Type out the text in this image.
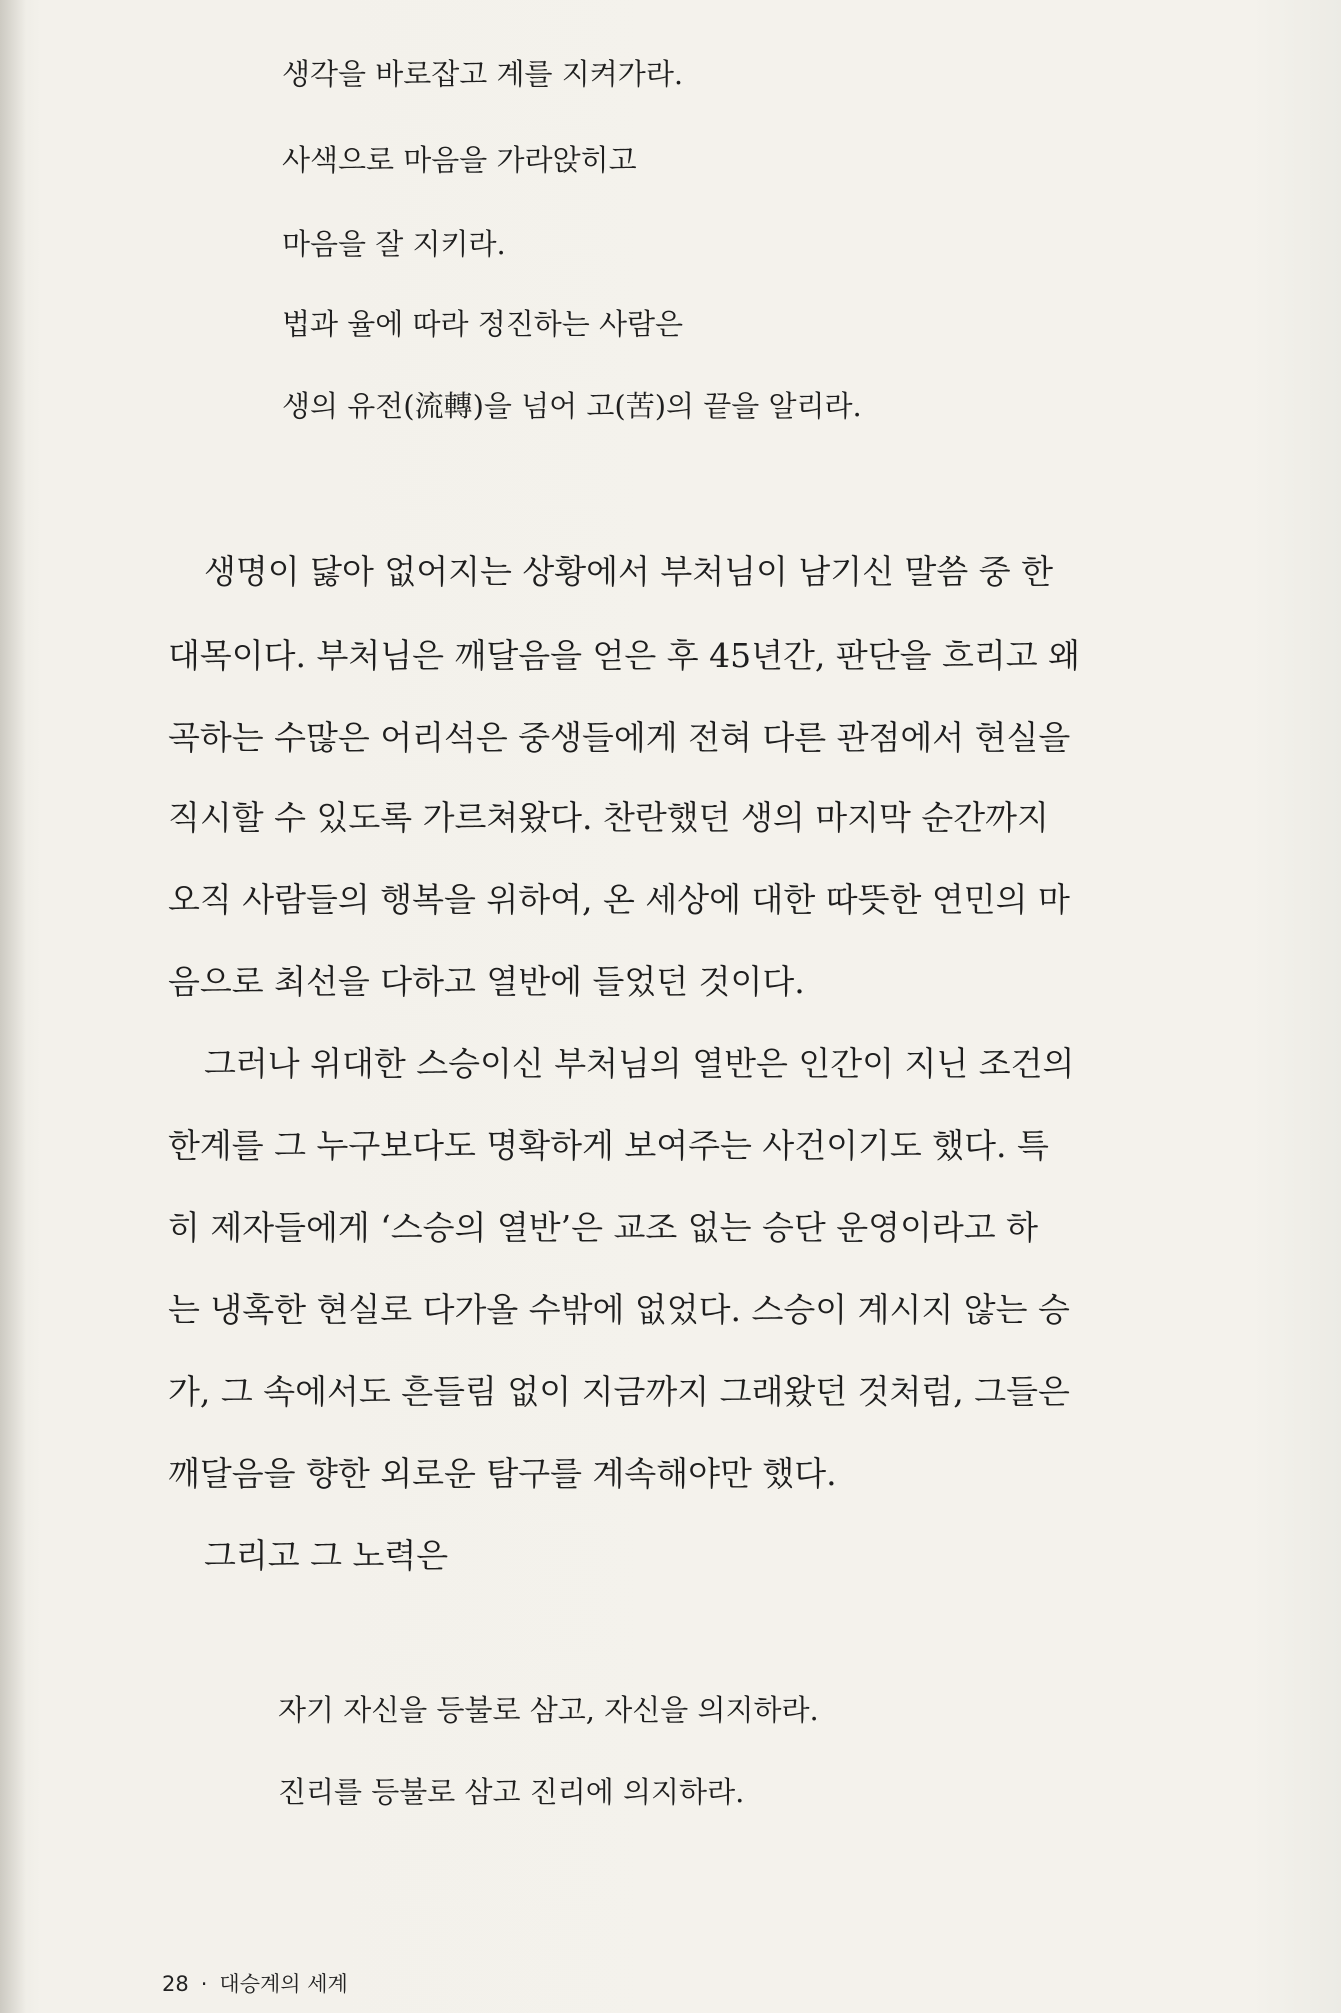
생각을 바로잡고 계를 지켜가라.

사색으로 마음을 가라앉히고

마음을 잘 지키라.

법과 율에 따라 정진하는 사람은

생의 유전(流轉)을 넘어 고(苦)의 끝을 알리라.

생명이 닳아 없어지는 상황에서 부처님이 남기신 말씀 중 한

대목이다. 부처님은 깨달음을 얻은 후 45년간, 판단을 흐리고 왜

곡하는 수많은 어리석은 중생들에게 전혀 다른 관점에서 현실을

직시할 수 있도록 가르쳐왔다. 찬란했던 생의 마지막 순간까지

오직 사람들의 행복을 위하여, 온 세상에 대한 따뜻한 연민의 마

음으로 최선을 다하고 열반에 들었던 것이다.

그러나 위대한 스승이신 부처님의 열반은 인간이 지닌 조건의

한계를 그 누구보다도 명확하게 보여주는 사건이기도 했다. 특

히 제자들에게 ‘스승의 열반’은 교조 없는 승단 운영이라고 하

는 냉혹한 현실로 다가올 수밖에 없었다. 스승이 계시지 않는 승

가, 그 속에서도 흔들림 없이 지금까지 그래왔던 것처럼, 그들은

깨달음을 향한 외로운 탐구를 계속해야만 했다.

그리고 그 노력은

자기 자신을 등불로 삼고, 자신을 의지하라.

진리를 등불로 삼고 진리에 의지하라.

28 · 대승계의 세계
